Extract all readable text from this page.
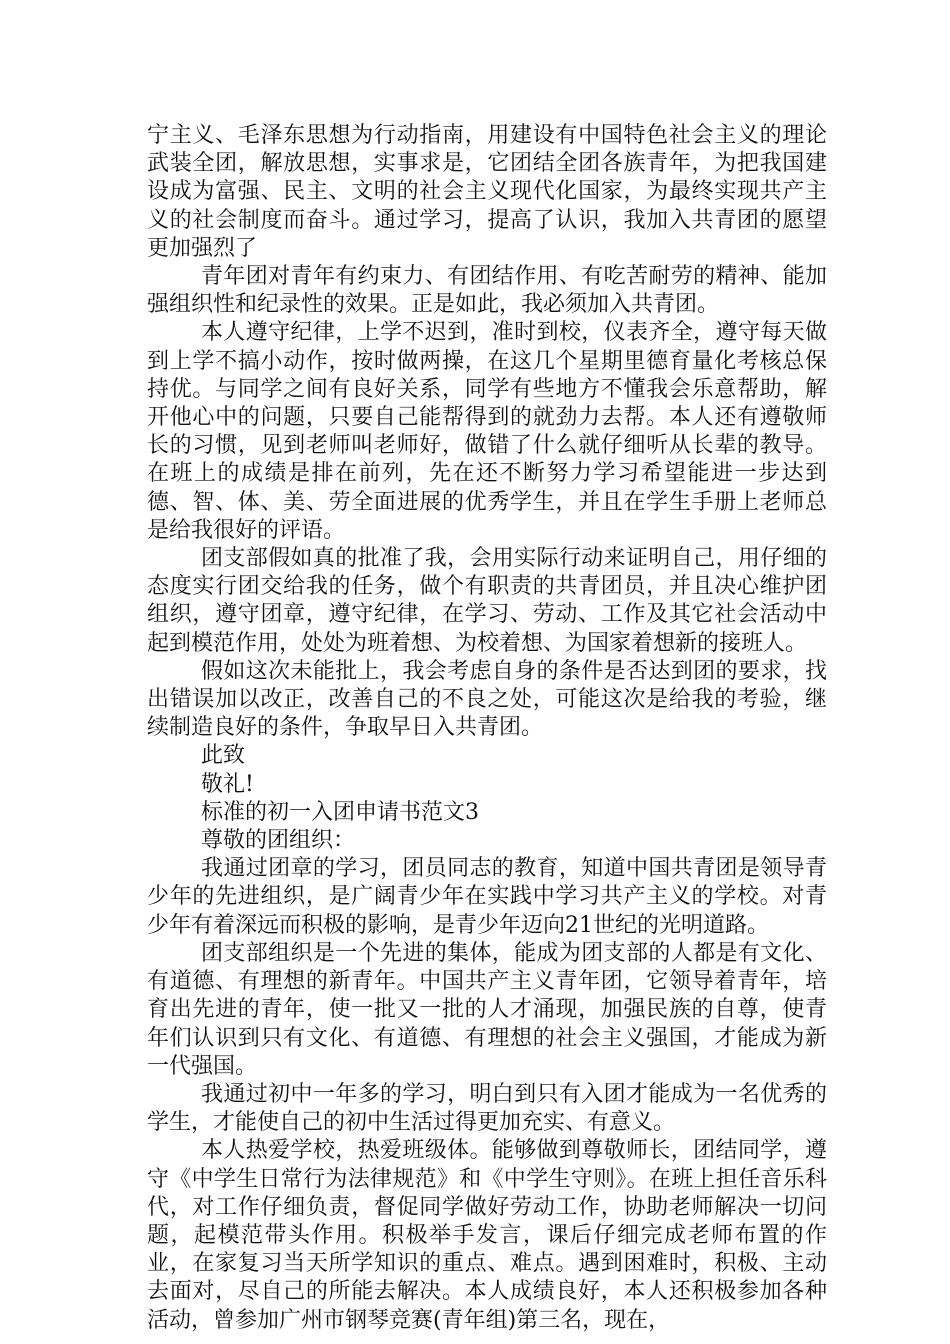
宁主义、毛泽东思想为行动指南，用建设有中国特色社会主义的理论武装全团，解放思想，实事求是，它团结全团各族青年，为把我国建设成为富强、民主、文明的社会主义现代化国家，为最终实现共产主义的社会制度而奋斗。通过学习，提高了认识，我加入共青团的愿望更加强烈了

青年团对青年有约束力、有团结作用、有吃苦耐劳的精神、能加强组织性和纪录性的效果。正是如此，我必须加入共青团。

本人遵守纪律，上学不迟到，准时到校，仪表齐全，遵守每天做到上学不搞小动作，按时做两操，在这几个星期里德育量化考核总保持优。与同学之间有良好关系，同学有些地方不懂我会乐意帮助，解开他心中的问题，只要自己能帮得到的就劲力去帮。本人还有遵敬师长的习惯，见到老师叫老师好，做错了什么就仔细听从长辈的教导。在班上的成绩是排在前列，先在还不断努力学习希望能进一步达到德、智、体、美、劳全面进展的优秀学生，并且在学生手册上老师总是给我很好的评语。

团支部假如真的批准了我，会用实际行动来证明自己，用仔细的态度实行团交给我的任务，做个有职责的共青团员，并且决心维护团组织，遵守团章，遵守纪律，在学习、劳动、工作及其它社会活动中起到模范作用，处处为班着想、为校着想、为国家着想新的接班人。

假如这次未能批上，我会考虑自身的条件是否达到团的要求，找出错误加以改正，改善自己的不良之处，可能这次是给我的考验，继续制造良好的条件，争取早日入共青团。

此致

敬礼!

标准的初一入团申请书范文3

尊敬的团组织：

我通过团章的学习，团员同志的教育，知道中国共青团是领导青少年的先进组织，是广阔青少年在实践中学习共产主义的学校。对青少年有着深远而积极的影响，是青少年迈向21世纪的光明道路。

团支部组织是一个先进的集体，能成为团支部的人都是有文化、有道德、有理想的新青年。中国共产主义青年团，它领导着青年，培育出先进的青年，使一批又一批的人才涌现，加强民族的自尊，使青年们认识到只有文化、有道德、有理想的社会主义强国，才能成为新一代强国。

我通过初中一年多的学习，明白到只有入团才能成为一名优秀的学生，才能使自己的初中生活过得更加充实、有意义。

本人热爱学校，热爱班级体。能够做到尊敬师长，团结同学，遵守《中学生日常行为法律规范》和《中学生守则》。在班上担任音乐科代，对工作仔细负责，督促同学做好劳动工作，协助老师解决一切问题，起模范带头作用。积极举手发言，课后仔细完成老师布置的作业，在家复习当天所学知识的重点、难点。遇到困难时，积极、主动去面对，尽自己的所能去解决。本人成绩良好，本人还积极参加各种活动，曾参加广州市钢琴竞赛(青年组)第三名，现在，
